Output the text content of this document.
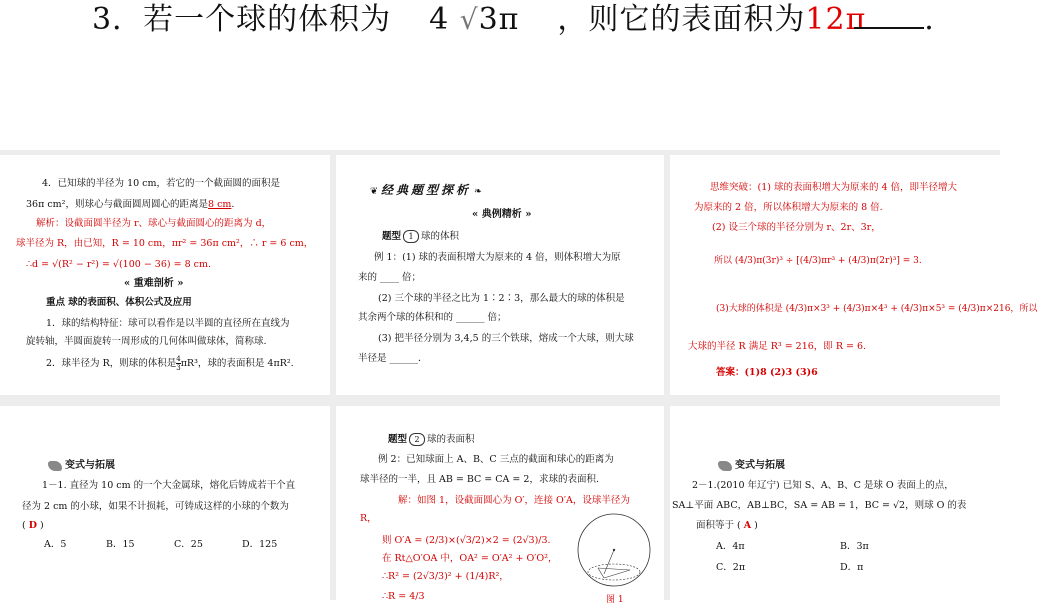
3．若一个球的体积为 4 √3π ，则它的表面积为12π .
4．已知球的半径为 10 cm，若它的一个截面圆的面积是
36π cm²，则球心与截面圆周圆心的距离是8 cm.
解析：设截面圆半径为 r、球心与截面圆心的距离为 d，
球半径为 R，由已知，R = 10 cm，πr² = 36π cm²，∴ r = 6 cm，
∴d = √(R² − r²) = √(100 − 36) = 8 cm.
« 重难剖析 »
重点 球的表面积、体积公式及应用
1．球的结构特征：球可以看作是以半圆的直径所在直线为
旋转轴，半圆面旋转一周形成的几何体叫做球体，简称球.
2．球半径为 R，则球的体积是 $\frac{4}{3} \pi R^3$，球的表面积是 4πR².
❦ 经典题型探析 ❧
« 典例精析 »
题型 1 球的体积
例 1：(1) 球的表面积增大为原来的 4 倍，则体积增大为原
来的 ____ 倍；
(2) 三个球的半径之比为 1∶2∶3，那么最大的球的体积是
其余两个球的体积和的 ______ 倍；
(3) 把半径分别为 3,4,5 的三个铁球，熔成一个大球，则大球
半径是 ______．
思维突破：(1) 球的表面积增大为原来的 4 倍，即半径增大
为原来的 2 倍，所以体积增大为原来的 8 倍.
(2) 设三个球的半径分别为 r、2r、3r，
所以 (4/3)π(3r)³ ÷ [(4/3)πr³ + (4/3)π(2r)³] = 3.
(3)大球的体积是 (4/3)π×3³ + (4/3)π×4³ + (4/3)π×5³ = (4/3)π×216，所以
大球的半径 R 满足 R³ = 216，即 R = 6.
答案：(1)8 (2)3 (3)6
变式与拓展
1－1. 直径为 10 cm 的一个大金属球，熔化后铸成若干个直
径为 2 cm 的小球，如果不计损耗，可铸成这样的小球的个数为
( D )
A．5	B．15	C．25	D．125
题型 2 球的表面积
例 2：已知球面上 A、B、C 三点的截面和球心的距离为
球半径的一半，且 AB = BC = CA = 2，求球的表面积.
解：如图 1，设截面圆心为 O′，连接 O′A，设球半径为
R，
则 O′A = (2/3)×(√3/2)×2 = (2√3)/3.
在 Rt△O′OA 中，OA² = O′A² + O′O²，
∴R² = (2√3/3)² + (1/4)R²，
∴R = 4/3	图 1
变式与拓展
2－1.(2010 年辽宁) 已知 S、A、B、C 是球 O 表面上的点，
SA⊥平面 ABC，AB⊥BC，SA = AB = 1，BC = √2，则球 O 的表
面积等于 ( A )
A．4π	B．3π
C．2π	D．π
